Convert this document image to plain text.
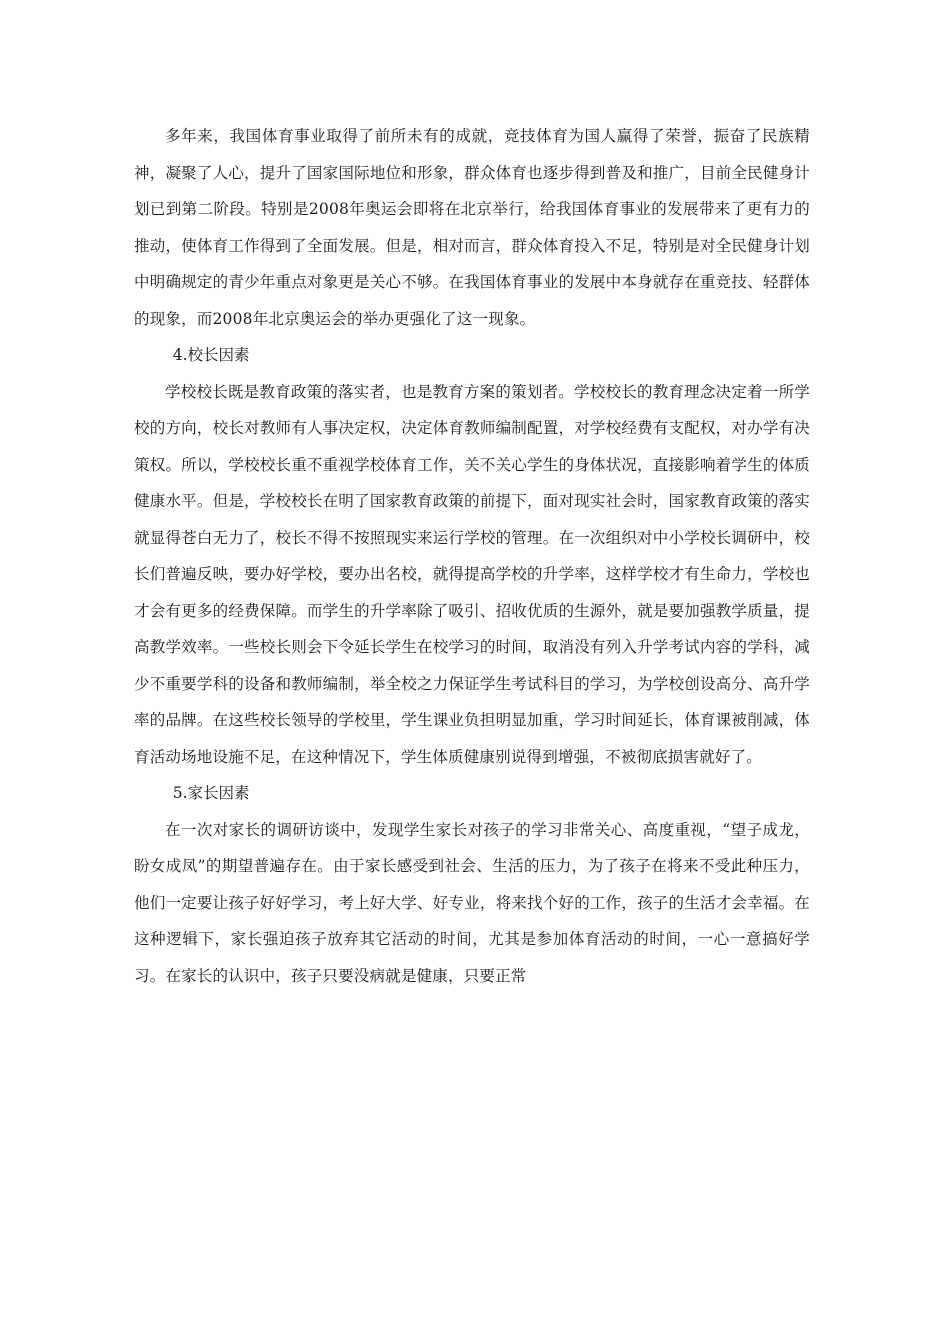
多年来，我国体育事业取得了前所未有的成就，竞技体育为国人赢得了荣誉，振奋了民族精神，凝聚了人心，提升了国家国际地位和形象，群众体育也逐步得到普及和推广，目前全民健身计划已到第二阶段。特别是2008年奥运会即将在北京举行，给我国体育事业的发展带来了更有力的推动，使体育工作得到了全面发展。但是，相对而言，群众体育投入不足，特别是对全民健身计划中明确规定的青少年重点对象更是关心不够。在我国体育事业的发展中本身就存在重竞技、轻群体的现象，而2008年北京奥运会的举办更强化了这一现象。

4.校长因素

学校校长既是教育政策的落实者，也是教育方案的策划者。学校校长的教育理念决定着一所学校的方向，校长对教师有人事决定权，决定体育教师编制配置，对学校经费有支配权，对办学有决策权。所以，学校校长重不重视学校体育工作，关不关心学生的身体状况，直接影响着学生的体质健康水平。但是，学校校长在明了国家教育政策的前提下，面对现实社会时，国家教育政策的落实就显得苍白无力了，校长不得不按照现实来运行学校的管理。在一次组织对中小学校长调研中，校长们普遍反映，要办好学校，要办出名校，就得提高学校的升学率，这样学校才有生命力，学校也才会有更多的经费保障。而学生的升学率除了吸引、招收优质的生源外，就是要加强教学质量，提高教学效率。一些校长则会下令延长学生在校学习的时间，取消没有列入升学考试内容的学科，减少不重要学科的设备和教师编制，举全校之力保证学生考试科目的学习，为学校创设高分、高升学率的品牌。在这些校长领导的学校里，学生课业负担明显加重，学习时间延长，体育课被削减，体育活动场地设施不足，在这种情况下，学生体质健康别说得到增强，不被彻底损害就好了。

5.家长因素

在一次对家长的调研访谈中，发现学生家长对孩子的学习非常关心、高度重视，“望子成龙，盼女成凤”的期望普遍存在。由于家长感受到社会、生活的压力，为了孩子在将来不受此种压力，他们一定要让孩子好好学习，考上好大学、好专业，将来找个好的工作，孩子的生活才会幸福。在这种逻辑下，家长强迫孩子放弃其它活动的时间，尤其是参加体育活动的时间，一心一意搞好学习。在家长的认识中，孩子只要没病就是健康，只要正常
